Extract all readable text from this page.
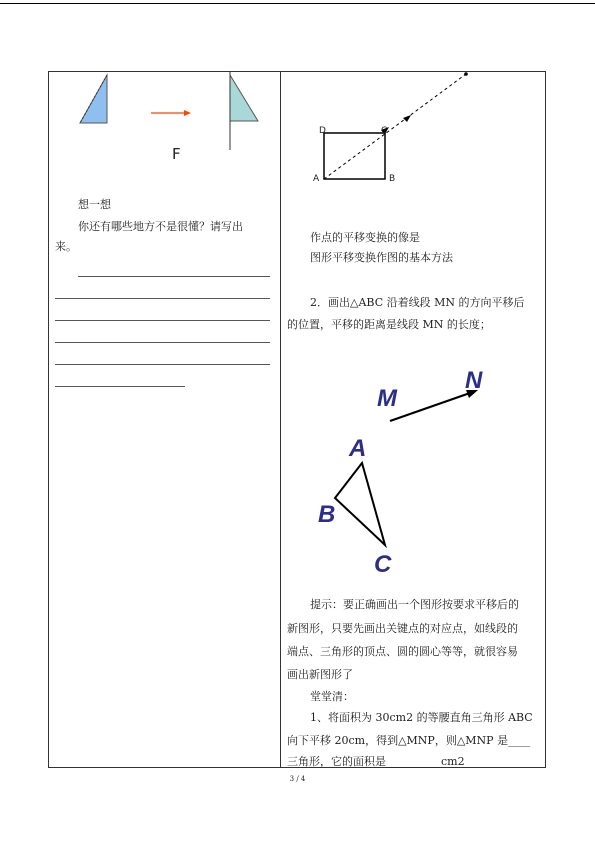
F
想一想
你还有哪些地方不是很懂？请写出
来。
A	B
C
D
作点的平移变换的像是
图形平移变换作图的基本方法
2．画出△ABC 沿着线段 MN 的方向平移后
的位置，平移的距离是线段 MN 的长度；
M
N
A
B
C
提示：要正确画出一个图形按要求平移后的
新图形，只要先画出关键点的对应点，如线段的
端点、三角形的顶点、圆的圆心等等，就很容易
画出新图形了
堂堂清：
1、将面积为 30cm2 的等腰直角三角形 ABC
向下平移 20cm，得到△MNP，则△MNP 是____
三角形，它的面积是__________cm2
3 / 4
